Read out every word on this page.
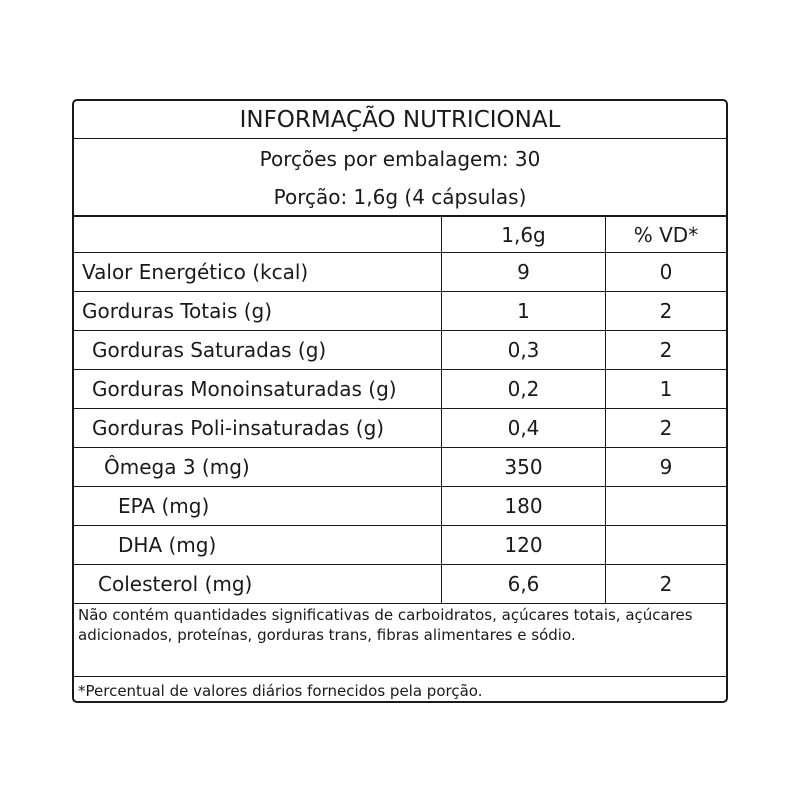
INFORMAÇÃO NUTRICIONAL
Porções por embalagem: 30
Porção: 1,6g (4 cápsulas)
1,6g	% VD*
Valor Energético (kcal)	9	0
Gorduras Totais (g)	1	2
Gorduras Saturadas (g)	0,3	2
Gorduras Monoinsaturadas (g)	0,2	1
Gorduras Poli-insaturadas (g)	0,4	2
Ômega 3 (mg)	350	9
EPA (mg)	180
DHA (mg)	120
Colesterol (mg)	6,6	2
Não contém quantidades significativas de carboidratos, açúcares totais, açúcares adicionados, proteínas, gorduras trans, fibras alimentares e sódio.
*Percentual de valores diários fornecidos pela porção.
